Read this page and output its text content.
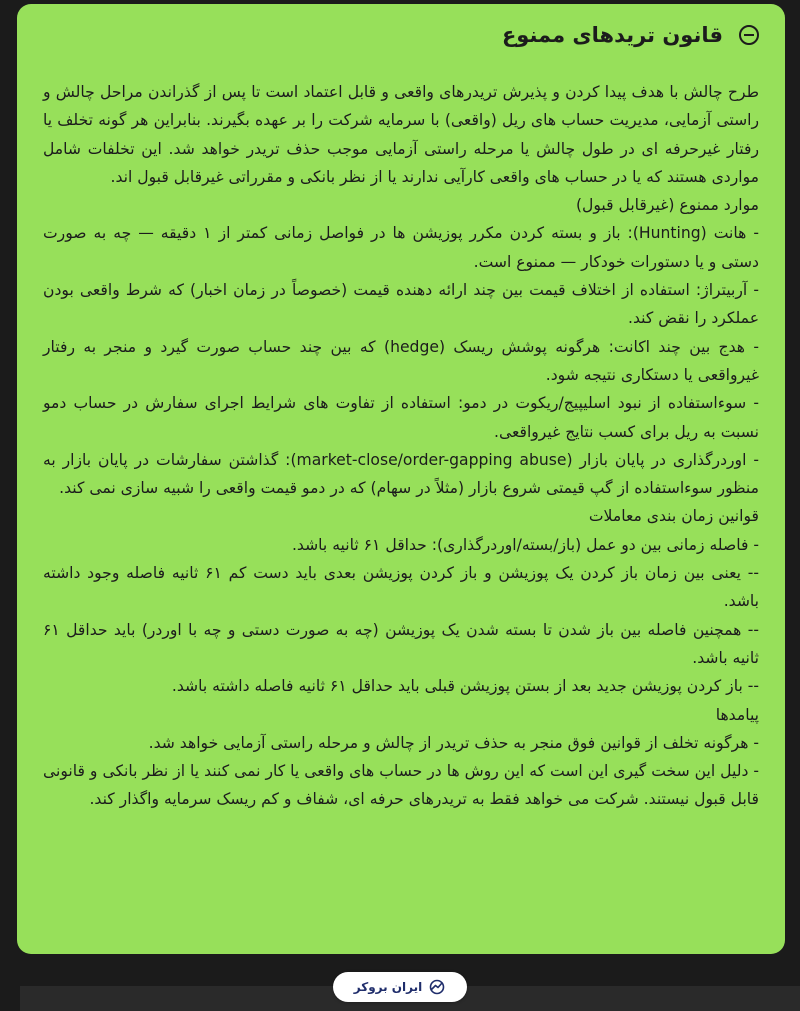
قانون تریدهای ممنوع

طرح چالش با هدف پیدا کردن و پذیرش تریدرهای واقعی و قابل اعتماد است تا پس از گذراندن مراحل چالش و راستی آزمایی، مدیریت حساب های ریل (واقعی) با سرمایه شرکت را بر عهده بگیرند. بنابراین هر گونه تخلف یا رفتار غیرحرفه ای در طول چالش یا مرحله راستی آزمایی موجب حذف تریدر خواهد شد. این تخلفات شامل مواردی هستند که یا در حساب های واقعی کارآیی ندارند یا از نظر بانکی و مقرراتی غیرقابل قبول اند.

موارد ممنوع (غیرقابل قبول)

- هانت (Hunting): باز و بسته کردن مکرر پوزیشن ها در فواصل زمانی کمتر از ۱ دقیقه — چه به صورت دستی و یا دستورات خودکار — ممنوع است.

- آربیتراژ: استفاده از اختلاف قیمت بین چند ارائه دهنده قیمت (خصوصاً در زمان اخبار) که شرط واقعی بودن عملکرد را نقض کند.

- هدج بین چند اکانت: هرگونه پوشش ریسک (hedge) که بین چند حساب صورت گیرد و منجر به رفتار غیرواقعی یا دستکاری نتیجه شود.

- سوءاستفاده از نبود اسلیپیج/ریکوت در دمو: استفاده از تفاوت های شرایط اجرای سفارش در حساب دمو نسبت به ریل برای کسب نتایج غیرواقعی.

- اوردرگذاری در پایان بازار (market-close/order-gapping abuse): گذاشتن سفارشات در پایان بازار به منظور سوءاستفاده از گپ قیمتی شروع بازار (مثلاً در سهام) که در دمو قیمت واقعی را شبیه سازی نمی کند.

قوانین زمان بندی معاملات

- فاصله زمانی بین دو عمل (باز/بسته/اوردرگذاری): حداقل ۶۱ ثانیه باشد.

-- یعنی بین زمان باز کردن یک پوزیشن و باز کردن پوزیشن بعدی باید دست کم ۶۱ ثانیه فاصله وجود داشته باشد.

-- همچنین فاصله بین باز شدن تا بسته شدن یک پوزیشن (چه به صورت دستی و چه با اوردر) باید حداقل ۶۱ ثانیه باشد.

-- باز کردن پوزیشن جدید بعد از بستن پوزیشن قبلی باید حداقل ۶۱ ثانیه فاصله داشته باشد.

پیامدها

- هرگونه تخلف از قوانین فوق منجر به حذف تریدر از چالش و مرحله راستی آزمایی خواهد شد.

- دلیل این سخت گیری این است که این روش ها در حساب های واقعی یا کار نمی کنند یا از نظر بانکی و قانونی قابل قبول نیستند. شرکت می خواهد فقط به تریدرهای حرفه ای، شفاف و کم ریسک سرمایه واگذار کند.

ایران بروکر
